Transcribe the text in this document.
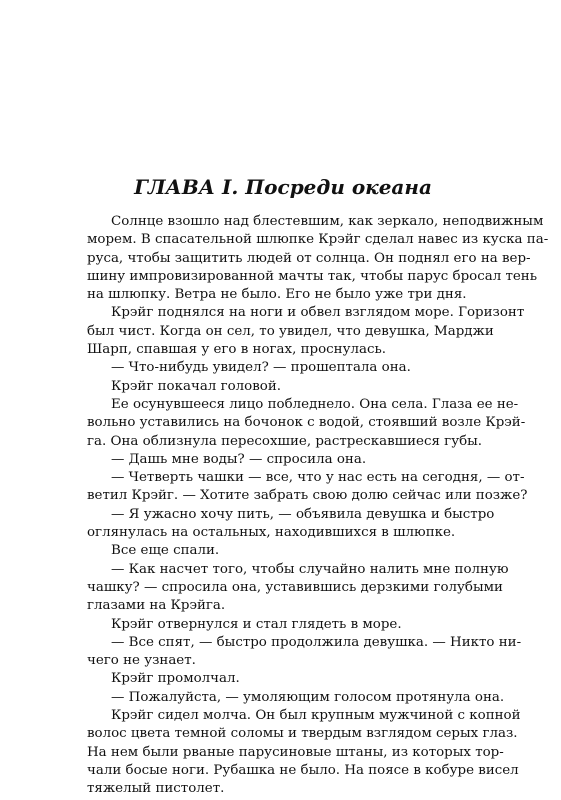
ГЛАВА I. Посреди океана

Солнце взошло над блестевшим, как зеркало, неподвижным
морем. В спасательной шлюпке Крэйг сделал навес из куска па-
руса, чтобы защитить людей от солнца. Он поднял его на вер-
шину импровизированной мачты так, чтобы парус бросал тень
на шлюпку. Ветра не было. Его не было уже три дня.

Крэйг поднялся на ноги и обвел взглядом море. Горизонт
был чист. Когда он сел, то увидел, что девушка, Марджи
Шарп, спавшая у его в ногах, проснулась.

— Что-нибудь увидел? — прошептала она.

Крэйг покачал головой.

Ее осунувшееся лицо побледнело. Она села. Глаза ее не-
вольно уставились на бочонок с водой, стоявший возле Крэй-
га. Она облизнула пересохшие, растрескавшиеся губы.

— Дашь мне воды? — спросила она.

— Четверть чашки — все, что у нас есть на сегодня, — от-
ветил Крэйг. — Хотите забрать свою долю сейчас или позже?

— Я ужасно хочу пить, — объявила девушка и быстро
оглянулась на остальных, находившихся в шлюпке.

Все еще спали.

— Как насчет того, чтобы случайно налить мне полную
чашку? — спросила она, уставившись дерзкими голубыми
глазами на Крэйга.

Крэйг отвернулся и стал глядеть в море.

— Все спят, — быстро продолжила девушка. — Никто ни-
чего не узнает.

Крэйг промолчал.

— Пожалуйста, — умоляющим голосом протянула она.

Крэйг сидел молча. Он был крупным мужчиной с копной
волос цвета темной соломы и твердым взглядом серых глаз.
На нем были рваные парусиновые штаны, из которых тор-
чали босые ноги. Рубашка не было. На поясе в кобуре висел
тяжелый пистолет.
